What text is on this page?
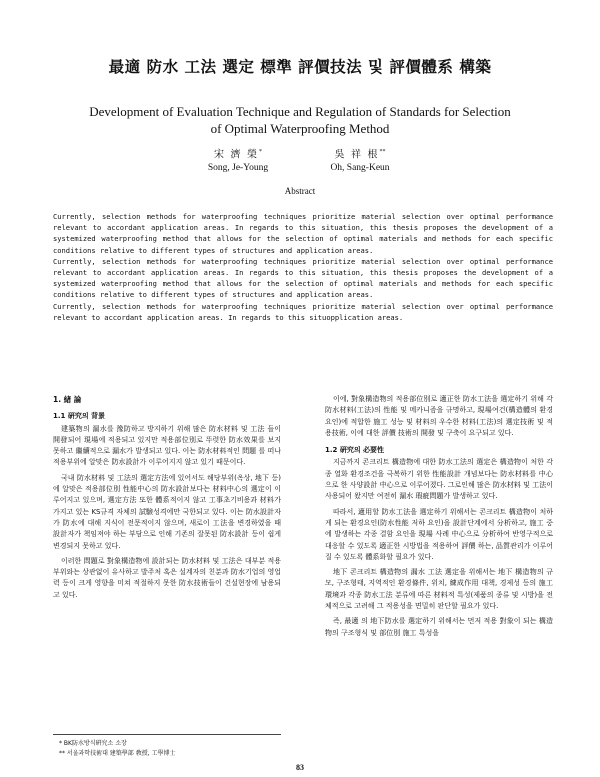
最適 防水 工法 選定 標準 評價技法 및 評價體系 構築
Development of Evaluation Technique and Regulation of Standards for Selection
of Optimal Waterproofing Method
宋 濟 榮*
Song, Je-Young
吳 祥 根**
Oh, Sang-Keun
Abstract

Currently, selection methods for waterproofing techniques prioritize material selection over optimal performance relevant to accordant application areas. In regards to this situation, this thesis proposes the development of a systemized waterproofing method that allows for the selection of optimal materials and methods for each specific conditions relative to different types of structures and application areas.

Currently, selection methods for waterproofing techniques prioritize material selection over optimal performance relevant to accordant application areas. In regards to this situation, this thesis proposes the development of a systemized waterproofing method that allows for the selection of optimal materials and methods for each specific conditions relative to different types of structures and application areas.

Currently, selection methods for waterproofing techniques prioritize material selection over optimal performance relevant to accordant application areas. In regards to this situopplication areas.

1. 緖 論
1.1 硏究의 背景

建築物의 漏水를 豫防하고 방지하기 위해 많은 防水材料 및 工法 들이 開發되어 現場에 적용되고 있지만 적용部位別로 뚜렷한 防水效果를 보지 못하고 繼續적으로 漏水가 발생되고 있다. 이는 防水材料적인 問題 를 떠나 적용부위에 알맞은 防水設計가 이루어지지 않고 있기 때문이다.

국내 防水材料 및 工法의 選定方法에 있어서도 해당부위(옥상, 地下 등)에 알맞은 적용部位別 性能中心의 防水設計보다는 材料中心의 選定이 이루어지고 있으며, 選定方法 또한 體系적이지 않고 工事초기비용과 材料가 가지고 있는 KS규격 자체의 試驗성격에만 국한되고 있다. 이는 防水設計자가 防水에 대해 지식이 전문적이지 않으며, 새로이 工法을 변경하였을 때 設計자가 책임져야 하는 부담으로 인해 기존의 잘못된 防水設計 등이 쉽게 변경되지 못하고 있다.

이러한 問題로 對象構造物에 設計되는 防水材料 및 工法은 대부분 적용부위와는 상관없이 유사하고 발주처 혹은 설계자의 친분과 防水기업의 영업력 등이 크게 영향을 미쳐 적절하지 못한 防水技術들이 건설현장에 남용되고 있다.

이에, 對象構造物의 적용部位別로 適正한 防水工法을 選定하기 위해 각 防水材料(工法)의 性能 및 메카니즘을 규명하고, 現場여건(構造體의 환경요인)에 적합한 施工 성능 및 材料의 우수한 材料(工法)의 選定技術 및 적용技術, 이에 대한 評價 技術의 開發 및 구축이 요구되고 있다.

1.2 硏究의 必要性

지금까지 콘크리트 構造物에 대한 防水工法의 選定은 構造物이 처한 각종 열화 환경조건을 극복하기 위한 性能設計 개념보다는 防水材料를 中心으로 한 사양設計 中心으로 이루어졌다. 그로인해 많은 防水材料 및 工法이 사용되어 왔지만 여전히 漏水 瑕疵問題가 발생하고 있다.

따라서, 適用할 防水工法을 選定하기 위해서는 콘크리트 構造物이 처하게 되는 환경요인(防水性能 저하 요인)을 設計단계에서 分析하고, 施工 중에 발생하는 각종 결함 요인을 現場 사례 中心으로 分析하여 반영구적으로 대응할 수 있도록 適正한 시방법을 적용하여 評價 하는, 品質관리가 이루어질 수 있도록 體系화할 필요가 있다.

地下 콘크리트 構造物의 漏水 工法 選定을 위해서는 地下 構造物의 규모, 구조형태, 지역적인 환경條件, 위치, 練成作用 대책, 경제성 등의 施工 環境과 각종 防水工法 분류에 따른 材料적 특성(제품의 종류 및 시방)을 전체적으로 고려해 그 적용성을 면밀히 판단할 필요가 있다.

즉, 最適 의 地下防水를 選定하기 위해서는 먼저 적용 對象이 되는 構造物의 구조형식 및 部位別 施工 특성을

* BK防水방식硏究소 소장
** 서울과학技術대 建築學部 敎授, 工學博士
83
